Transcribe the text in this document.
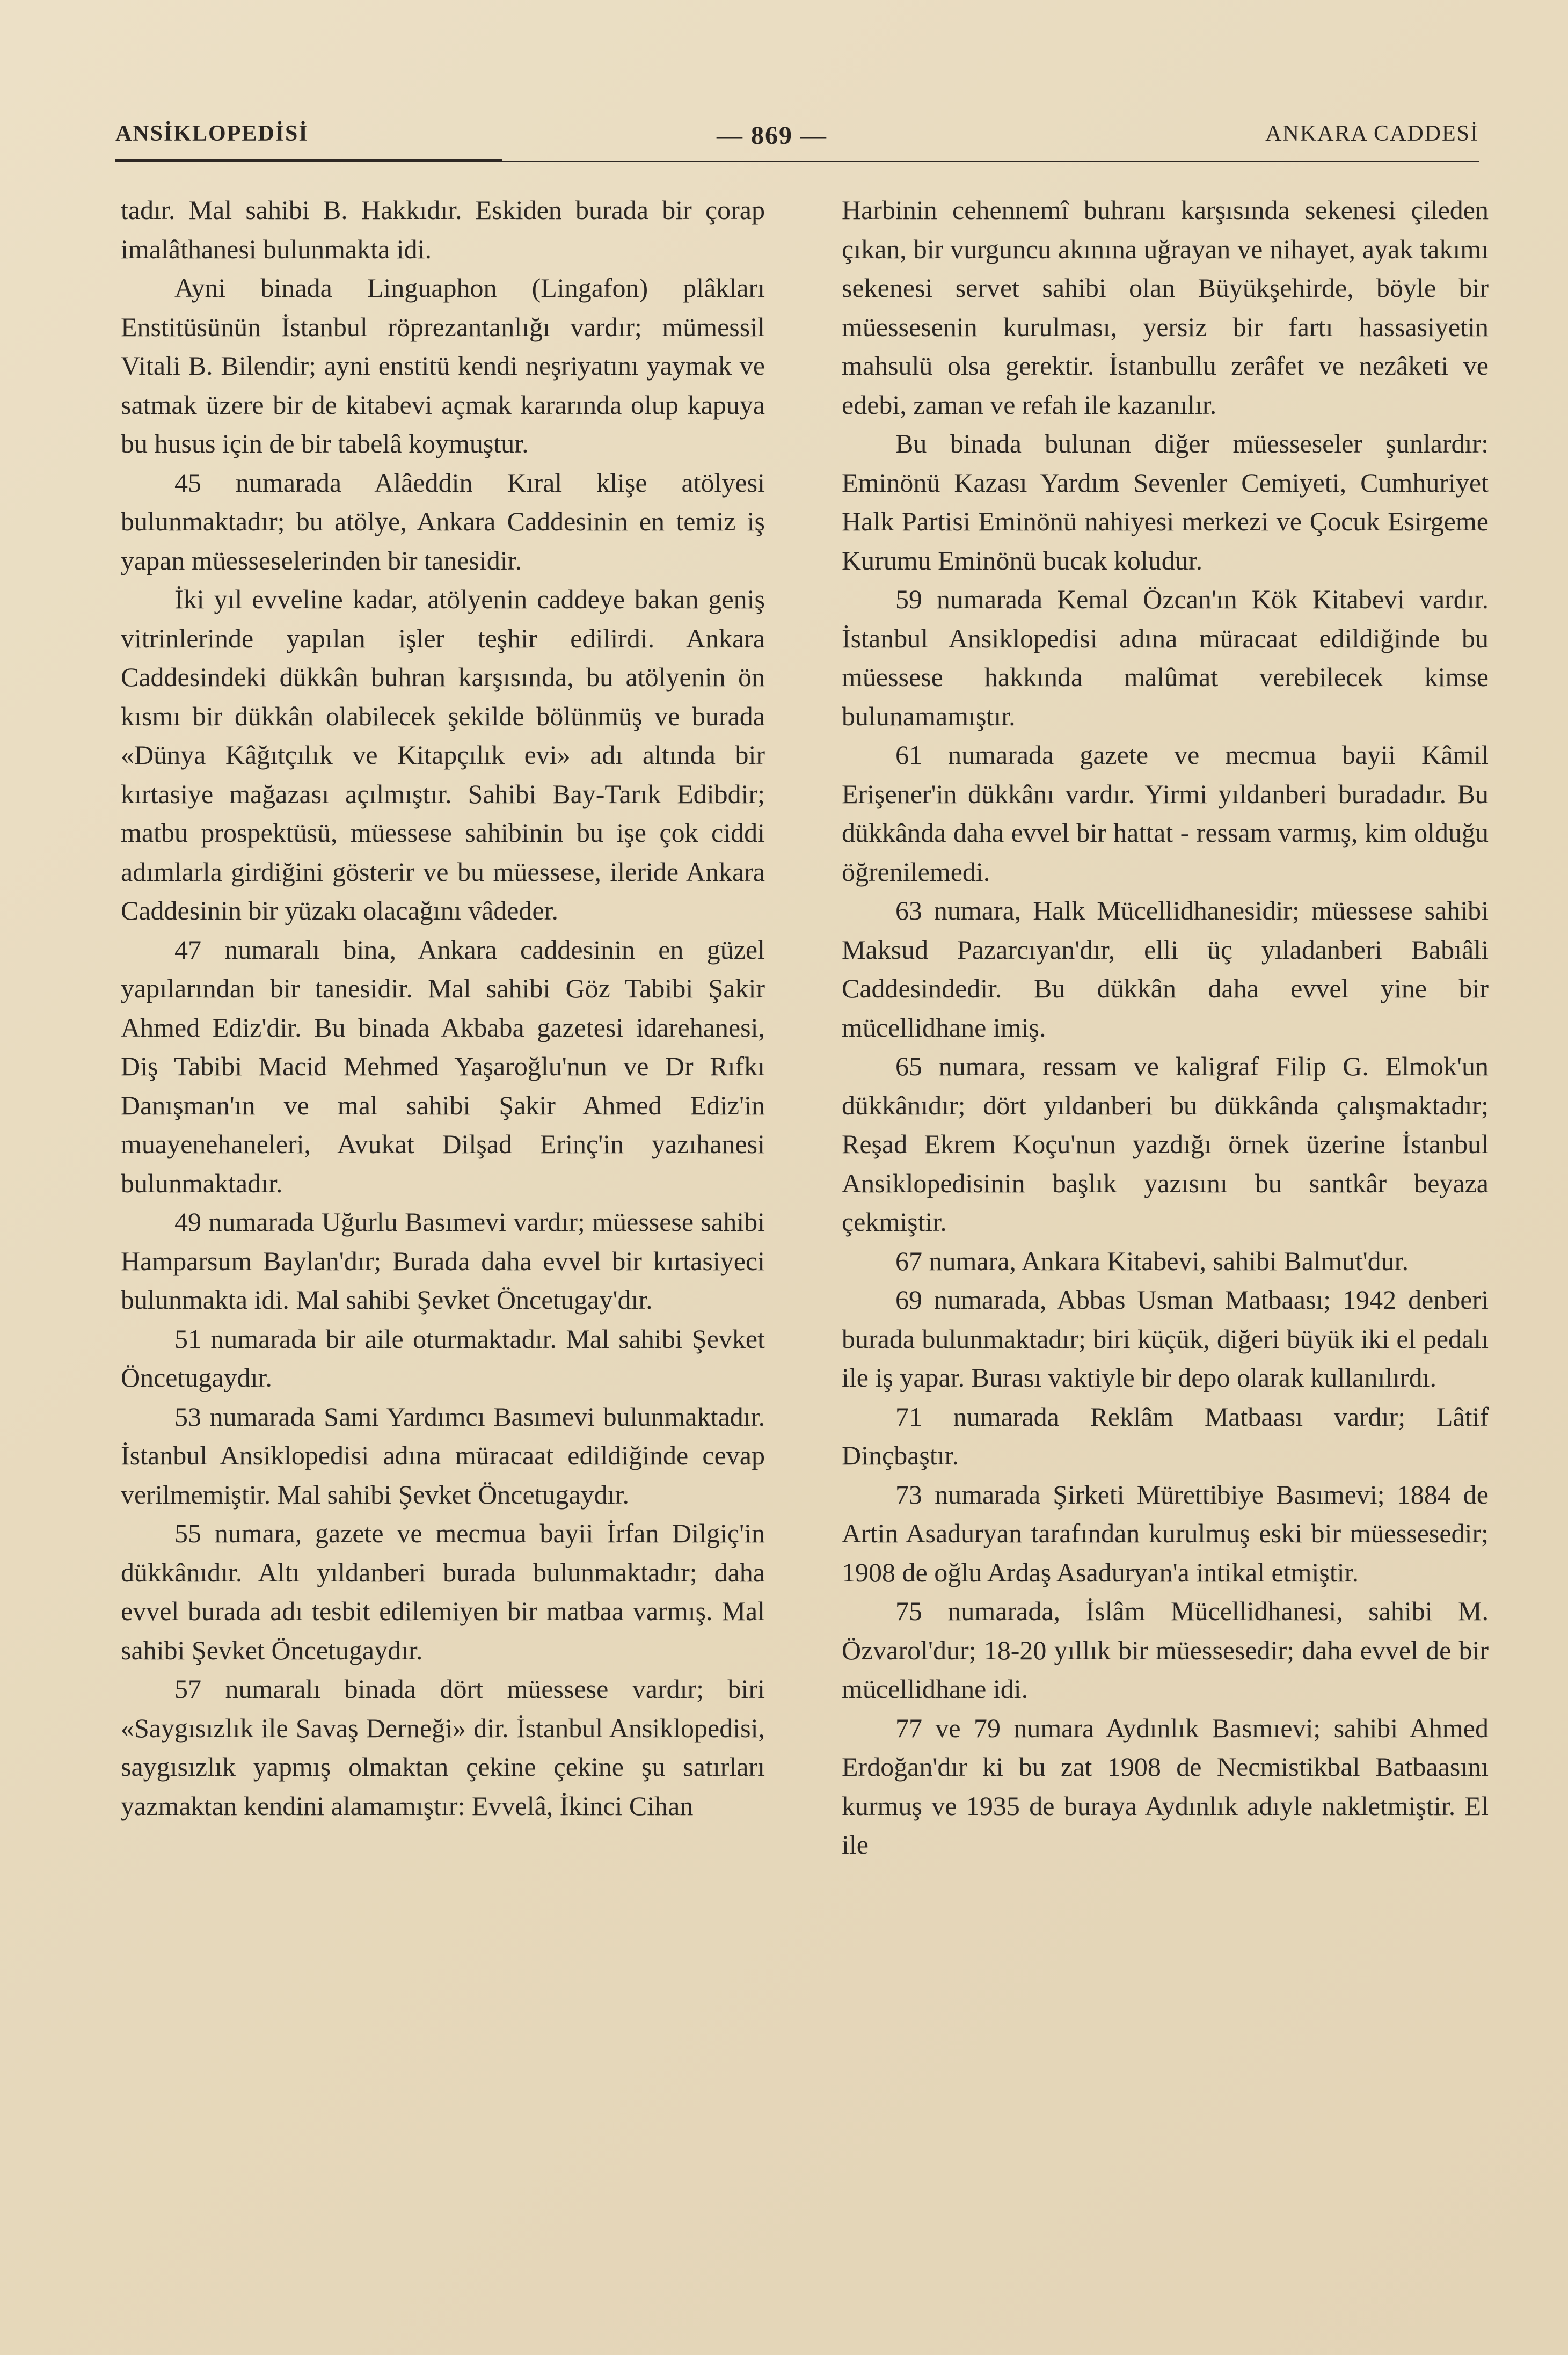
ANSİKLOPEDİSİ	— 869 —	ANKARA CADDESİ

tadır. Mal sahibi B. Hakkıdır. Eskiden burada bir çorap imalâthanesi bulunmakta idi.

Ayni binada Linguaphon (Lingafon) plâkları Enstitüsünün İstanbul röprezantanlığı vardır; mümessil Vitali B. Bilendir; ayni enstitü kendi neşriyatını yaymak ve satmak üzere bir de kitabevi açmak kararında olup kapuya bu husus için de bir tabelâ koymuştur.

45 numarada Alâeddin Kıral klişe atölyesi bulunmaktadır; bu atölye, Ankara Caddesinin en temiz iş yapan müesseselerinden bir tanesidir.

İki yıl evveline kadar, atölyenin caddeye bakan geniş vitrinlerinde yapılan işler teşhir edilirdi. Ankara Caddesindeki dükkân buhran karşısında, bu atölyenin ön kısmı bir dükkân olabilecek şekilde bölünmüş ve burada «Dünya Kâğıtçılık ve Kitapçılık evi» adı altında bir kırtasiye mağazası açılmıştır. Sahibi Bay-Tarık Edibdir; matbu prospektüsü, müessese sahibinin bu işe çok ciddi adımlarla girdiğini gösterir ve bu müessese, ileride Ankara Caddesinin bir yüzakı olacağını vâdeder.

47 numaralı bina, Ankara caddesinin en güzel yapılarından bir tanesidir. Mal sahibi Göz Tabibi Şakir Ahmed Ediz'dir. Bu binada Akbaba gazetesi idarehanesi, Diş Tabibi Macid Mehmed Yaşaroğlu'nun ve Dr Rıfkı Danışman'ın ve mal sahibi Şakir Ahmed Ediz'in muayenehaneleri, Avukat Dilşad Erinç'in yazıhanesi bulunmaktadır.

49 numarada Uğurlu Basımevi vardır; müessese sahibi Hamparsum Baylan'dır; Burada daha evvel bir kırtasiyeci bulunmakta idi. Mal sahibi Şevket Öncetugay'dır.

51 numarada bir aile oturmaktadır. Mal sahibi Şevket Öncetugaydır.

53 numarada Sami Yardımcı Basımevi bulunmaktadır. İstanbul Ansiklopedisi adına müracaat edildiğinde cevap verilmemiştir. Mal sahibi Şevket Öncetugaydır.

55 numara, gazete ve mecmua bayii İrfan Dilgiç'in dükkânıdır. Altı yıldanberi burada bulunmaktadır; daha evvel burada adı tesbit edilemiyen bir matbaa varmış. Mal sahibi Şevket Öncetugaydır.

57 numaralı binada dört müessese vardır; biri «Saygısızlık ile Savaş Derneği» dir. İstanbul Ansiklopedisi, saygısızlık yapmış olmaktan çekine çekine şu satırları yazmaktan kendini alamamıştır: Evvelâ, İkinci Cihan

Harbinin cehennemî buhranı karşısında sekenesi çileden çıkan, bir vurguncu akınına uğrayan ve nihayet, ayak takımı sekenesi servet sahibi olan Büyükşehirde, böyle bir müessesenin kurulması, yersiz bir fartı hassasiyetin mahsulü olsa gerektir. İstanbullu zerâfet ve nezâketi ve edebi, zaman ve refah ile kazanılır.

Bu binada bulunan diğer müesseseler şunlardır: Eminönü Kazası Yardım Sevenler Cemiyeti, Cumhuriyet Halk Partisi Eminönü nahiyesi merkezi ve Çocuk Esirgeme Kurumu Eminönü bucak koludur.

59 numarada Kemal Özcan'ın Kök Kitabevi vardır. İstanbul Ansiklopedisi adına müracaat edildiğinde bu müessese hakkında malûmat verebilecek kimse bulunamamıştır.

61 numarada gazete ve mecmua bayii Kâmil Erişener'in dükkânı vardır. Yirmi yıldanberi buradadır. Bu dükkânda daha evvel bir hattat - ressam varmış, kim olduğu öğrenilemedi.

63 numara, Halk Mücellidhanesidir; müessese sahibi Maksud Pazarcıyan'dır, elli üç yıladanberi Babıâli Caddesindedir. Bu dükkân daha evvel yine bir mücellidhane imiş.

65 numara, ressam ve kaligraf Filip G. Elmok'un dükkânıdır; dört yıldanberi bu dükkânda çalışmaktadır; Reşad Ekrem Koçu'nun yazdığı örnek üzerine İstanbul Ansiklopedisinin başlık yazısını bu santkâr beyaza çekmiştir.

67 numara, Ankara Kitabevi, sahibi Balmut'dur.

69 numarada, Abbas Usman Matbaası; 1942 denberi burada bulunmaktadır; biri küçük, diğeri büyük iki el pedalı ile iş yapar. Burası vaktiyle bir depo olarak kullanılırdı.

71 numarada Reklâm Matbaası vardır; Lâtif Dinçbaştır.

73 numarada Şirketi Mürettibiye Basımevi; 1884 de Artin Asaduryan tarafından kurulmuş eski bir müessesedir; 1908 de oğlu Ardaş Asaduryan'a intikal etmiştir.

75 numarada, İslâm Mücellidhanesi, sahibi M. Özvarol'dur; 18-20 yıllık bir müessesedir; daha evvel de bir mücellidhane idi.

77 ve 79 numara Aydınlık Basmıevi; sahibi Ahmed Erdoğan'dır ki bu zat 1908 de Necmistikbal Batbaasını kurmuş ve 1935 de buraya Aydınlık adıyle nakletmiştir. El ile
